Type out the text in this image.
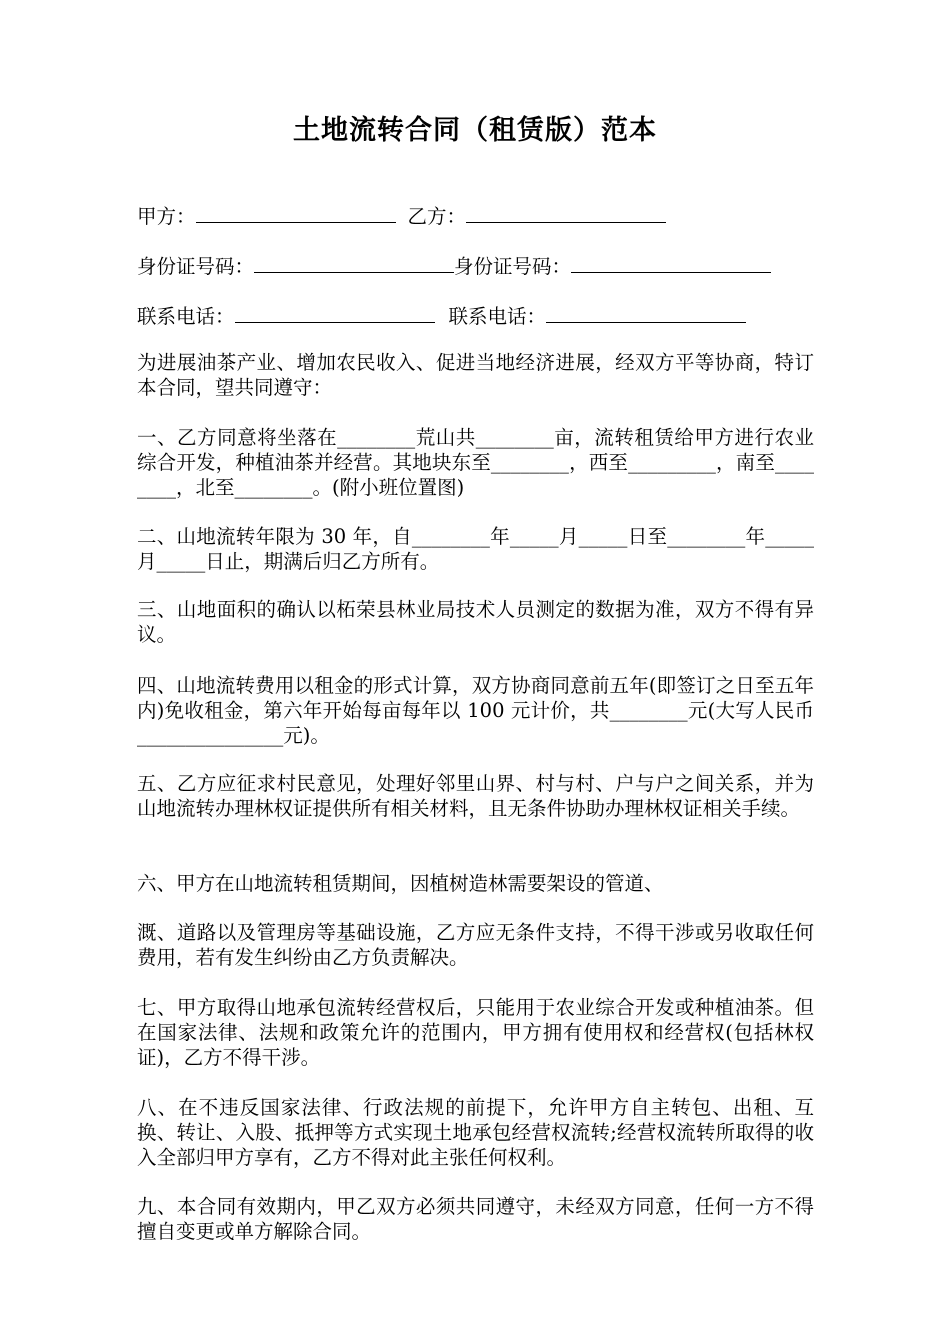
土地流转合同（租赁版）范本

甲方：	乙方：

身份证号码：	身份证号码：

联系电话：	联系电话：

为进展油茶产业、增加农民收入、促进当地经济进展，经双方平等协商，特订本合同，望共同遵守：

一、乙方同意将坐落在________荒山共________亩，流转租赁给甲方进行农业综合开发，种植油茶并经营。其地块东至________，西至_________，南至________，北至________。(附小班位置图)

二、山地流转年限为 30 年，自________年_____月_____日至________年_____月_____日止，期满后归乙方所有。

三、山地面积的确认以柘荣县林业局技术人员测定的数据为准，双方不得有异议。

四、山地流转费用以租金的形式计算，双方协商同意前五年(即签订之日至五年内)免收租金，第六年开始每亩每年以 100 元计价，共________元(大写人民币_______________元)。

五、乙方应征求村民意见，处理好邻里山界、村与村、户与户之间关系，并为山地流转办理林权证提供所有相关材料，且无条件协助办理林权证相关手续。

六、甲方在山地流转租赁期间，因植树造林需要架设的管道、

溉、道路以及管理房等基础设施，乙方应无条件支持，不得干涉或另收取任何费用，若有发生纠纷由乙方负责解决。

七、甲方取得山地承包流转经营权后，只能用于农业综合开发或种植油茶。但在国家法律、法规和政策允许的范围内，甲方拥有使用权和经营权(包括林权证)，乙方不得干涉。

八、在不违反国家法律、行政法规的前提下，允许甲方自主转包、出租、互换、转让、入股、抵押等方式实现土地承包经营权流转;经营权流转所取得的收入全部归甲方享有，乙方不得对此主张任何权利。

九、本合同有效期内，甲乙双方必须共同遵守，未经双方同意，任何一方不得擅自变更或单方解除合同。
